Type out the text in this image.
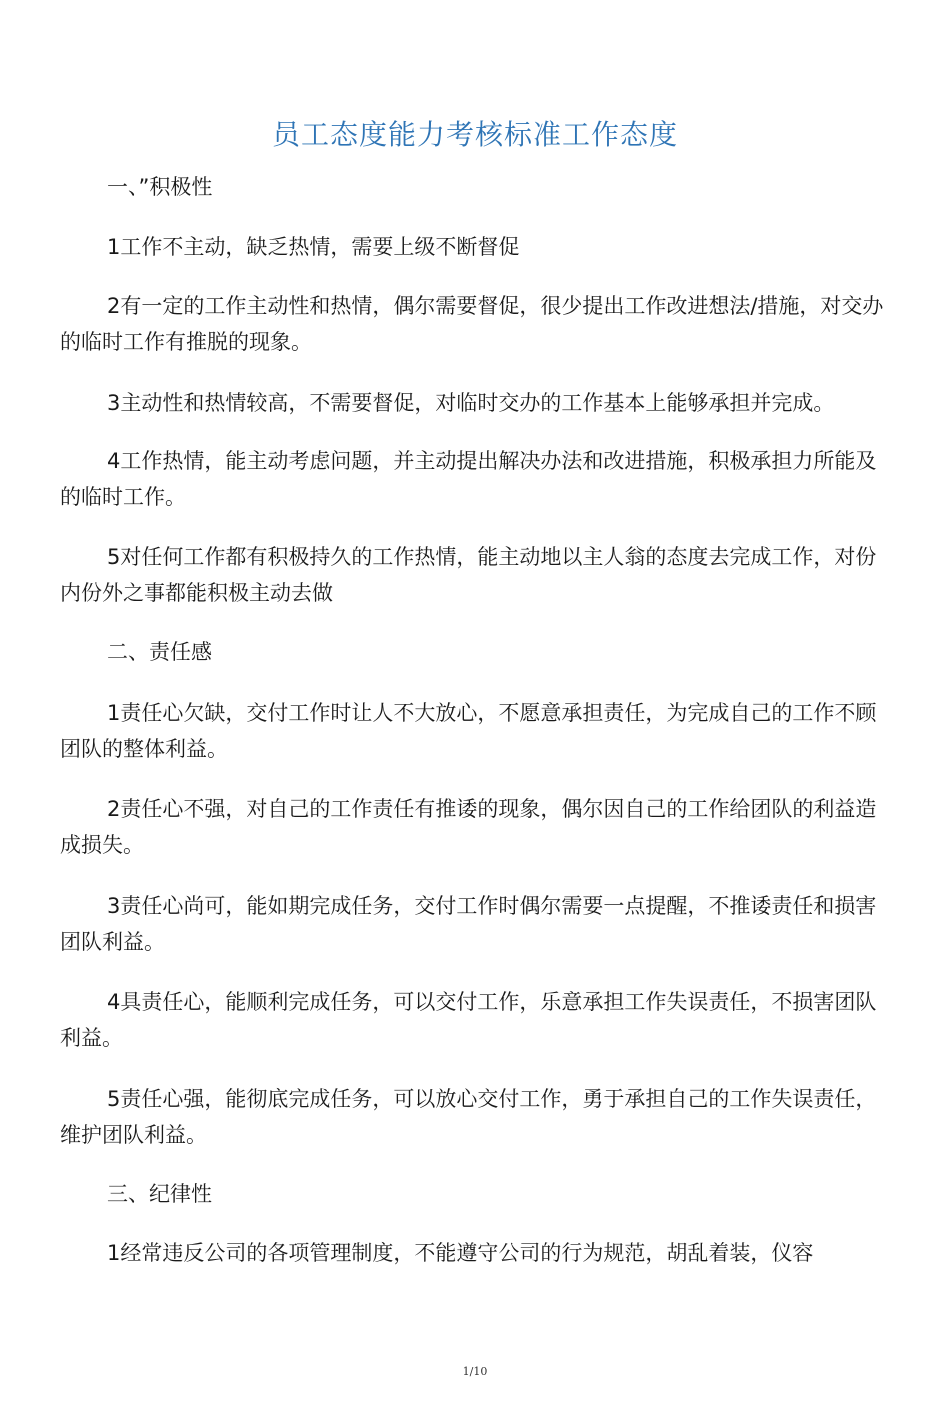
员工态度能力考核标准工作态度
一、”积极性
1工作不主动，缺乏热情，需要上级不断督促
2有一定的工作主动性和热情，偶尔需要督促，很少提出工作改进想法/措施，对交办的临时工作有推脱的现象。
3主动性和热情较高，不需要督促，对临时交办的工作基本上能够承担并完成。
4工作热情，能主动考虑问题，并主动提出解决办法和改进措施，积极承担力所能及的临时工作。
5对任何工作都有积极持久的工作热情，能主动地以主人翁的态度去完成工作，对份内份外之事都能积极主动去做
二、责任感
1责任心欠缺，交付工作时让人不大放心，不愿意承担责任，为完成自己的工作不顾团队的整体利益。
2责任心不强，对自己的工作责任有推诿的现象，偶尔因自己的工作给团队的利益造成损失。
3责任心尚可，能如期完成任务，交付工作时偶尔需要一点提醒，不推诿责任和损害团队利益。
4具责任心，能顺利完成任务，可以交付工作，乐意承担工作失误责任，不损害团队利益。
5责任心强，能彻底完成任务，可以放心交付工作，勇于承担自己的工作失误责任，维护团队利益。
三、纪律性
1经常违反公司的各项管理制度，不能遵守公司的行为规范，胡乱着装，仪容
1/10
